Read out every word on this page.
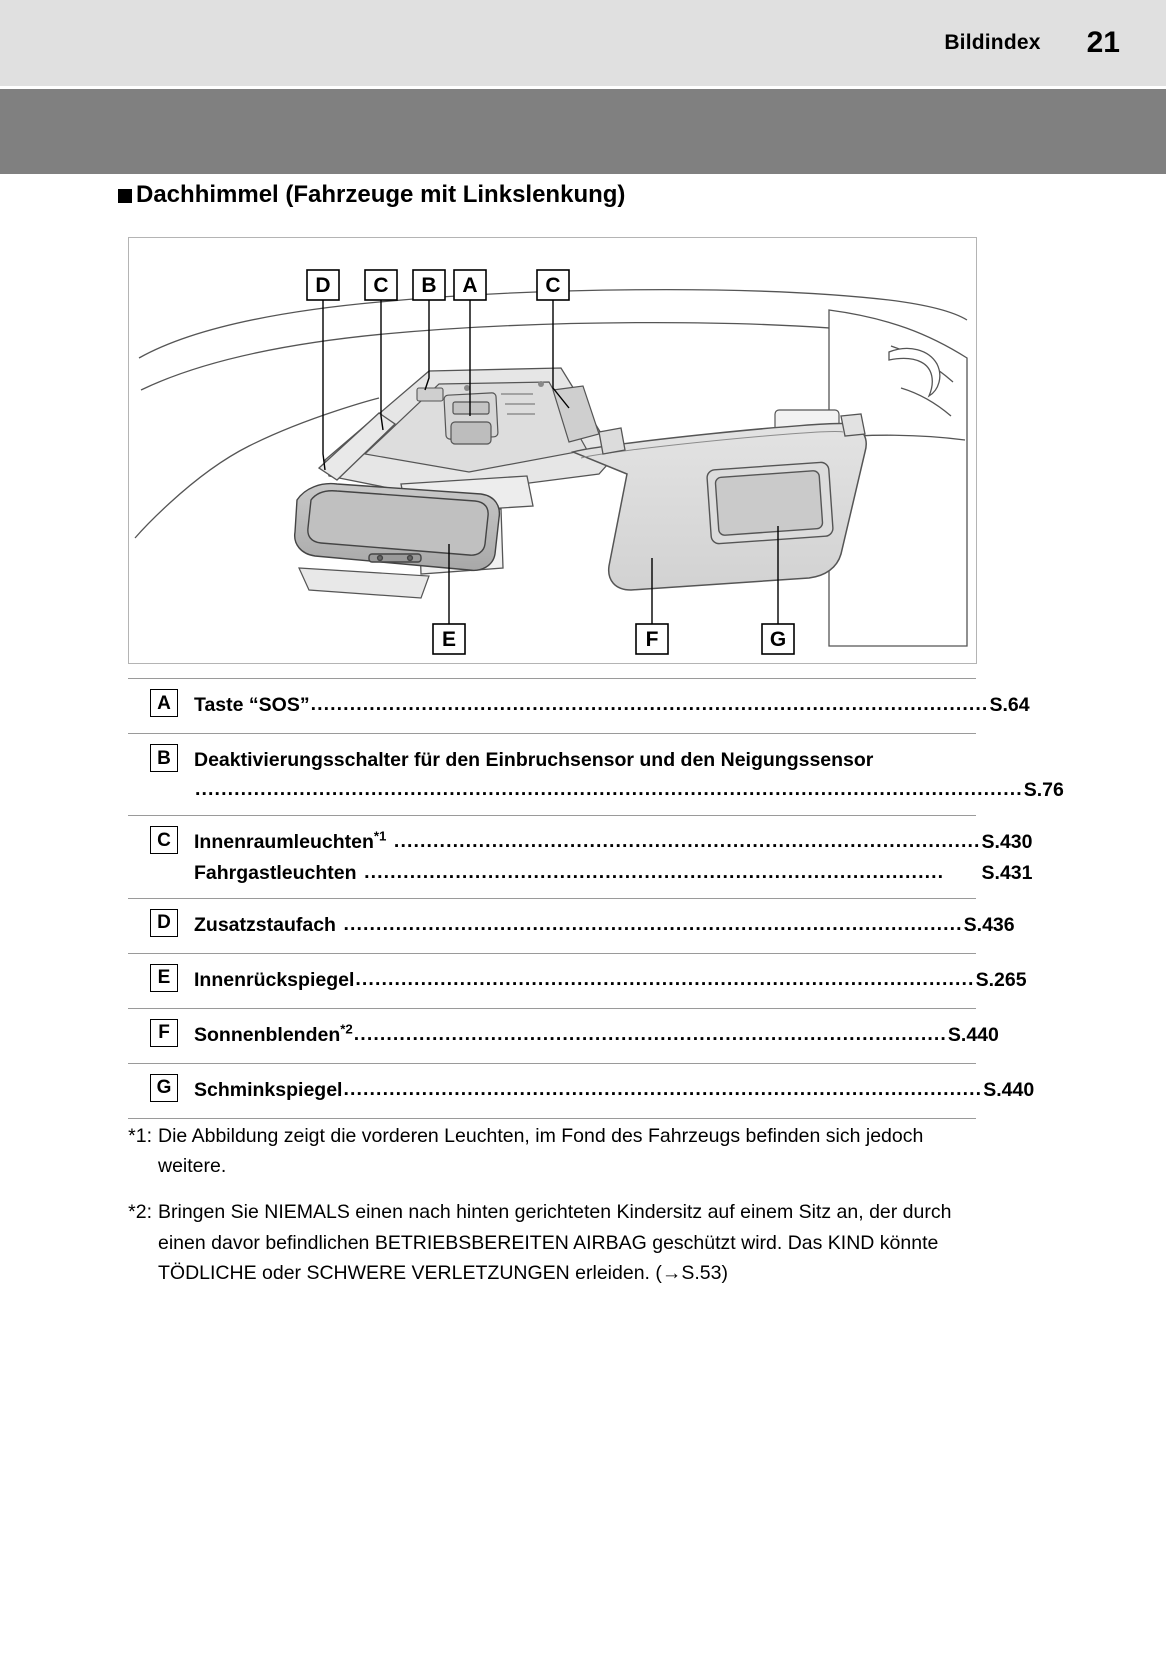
Bildindex 21
Dachhimmel (Fahrzeuge mit Linkslenkung)
D C B A	C
E	F	G
A	Taste “SOS” ........................................................................................................ S.64
B	Deaktivierungsschalter für den Einbruchsensor und den Neigungssensor
............................................................................................................................... S.76
C	Innenraumleuchten$^{*1}$ .......................................................................................... S.430
Fahrgastleuchten .........................................................................................	S.431
D	Zusatzstaufach ............................................................................................... S.436
E	Innenrückspiegel ............................................................................................... S.265
F	Sonnenblenden$^{*2}$ ........................................................................................... S.440
G	Schminkspiegel .................................................................................................. S.440
*1: Die Abbildung zeigt die vorderen Leuchten, im Fond des Fahrzeugs befinden sich jedoch weitere.
*2: Bringen Sie NIEMALS einen nach hinten gerichteten Kindersitz auf einem Sitz an, der durch einen davor befindlichen BETRIEBSBEREITEN AIRBAG geschützt wird. Das KIND könnte TÖDLICHE oder SCHWERE VERLETZUNGEN erleiden. (→S.53)
